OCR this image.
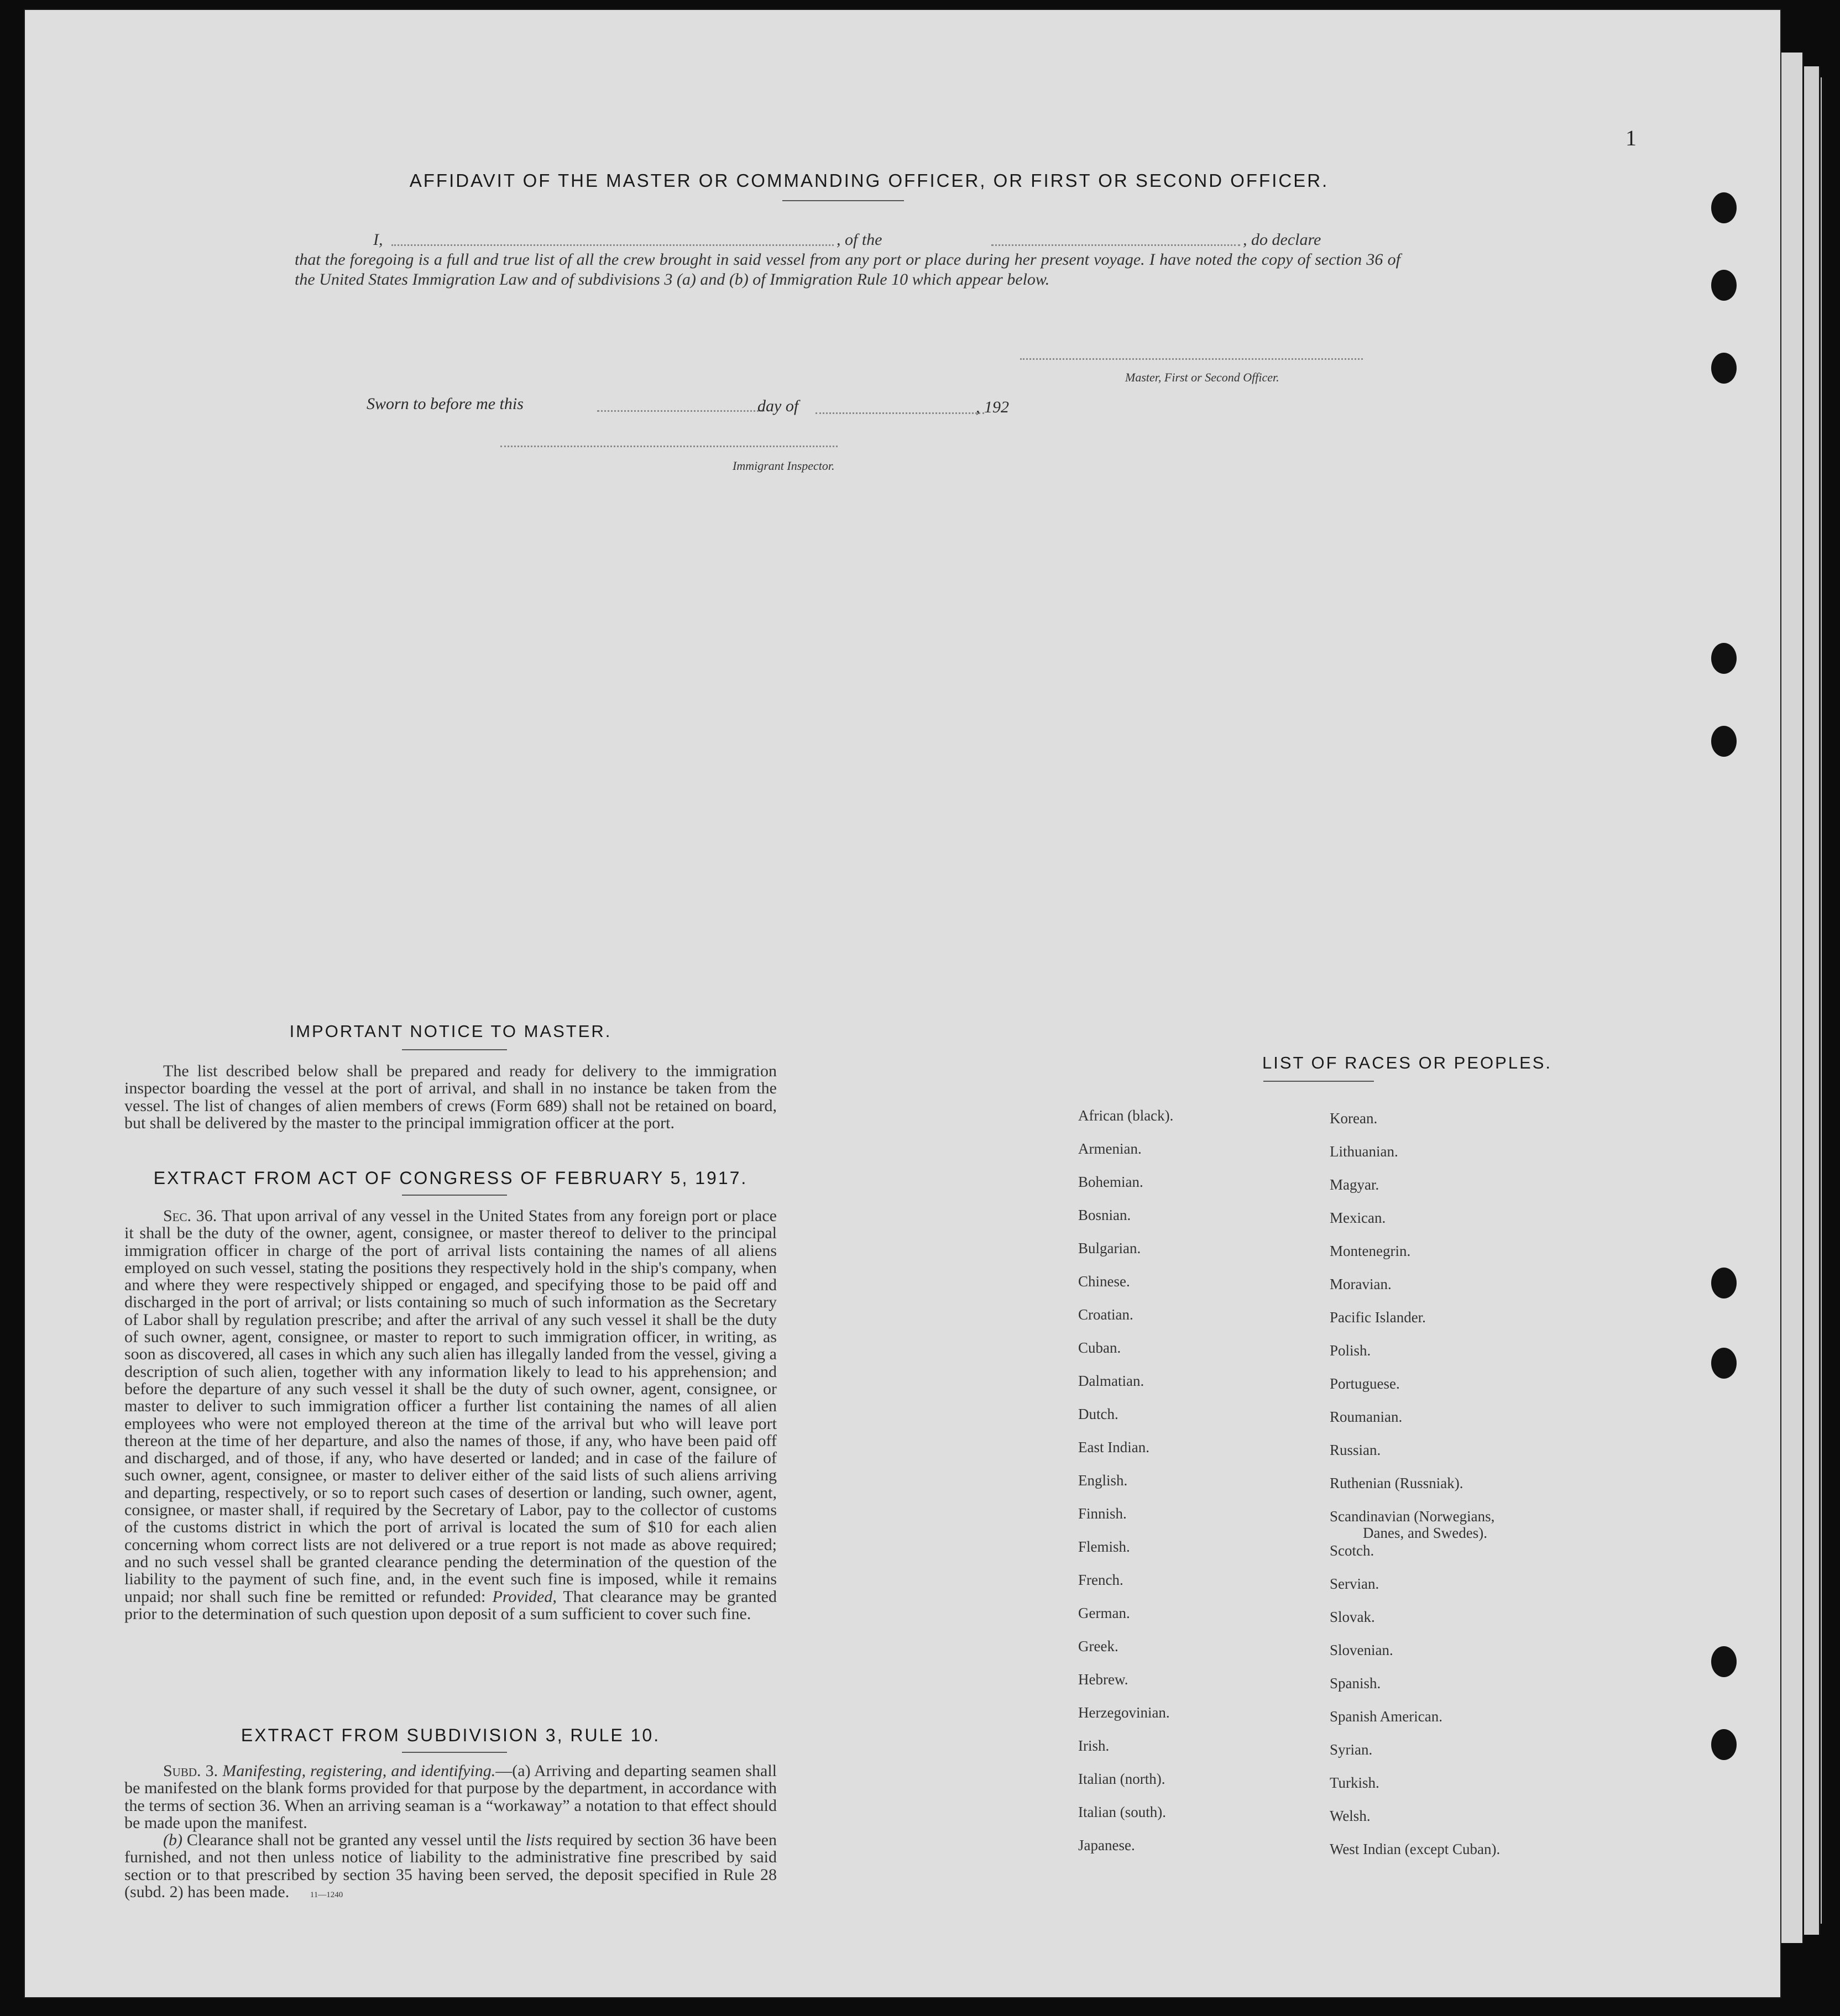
1
AFFIDAVIT OF THE MASTER OR COMMANDING OFFICER, OR FIRST OR SECOND OFFICER.
I,	, of the	, do declare
that the foregoing is a full and true list of all the crew brought in said vessel from any port or place during her present voyage. I have noted the copy of section 36 of the United States Immigration Law and of subdivisions 3 (a) and (b) of Immigration Rule 10 which appear below.
Master, First or Second Officer.
Sworn to before me this	day of	, 192
Immigrant Inspector.
IMPORTANT NOTICE TO MASTER.
The list described below shall be prepared and ready for delivery to the immigration inspector boarding the vessel at the port of arrival, and shall in no instance be taken from the vessel. The list of changes of alien members of crews (Form 689) shall not be retained on board, but shall be delivered by the master to the principal immigration officer at the port.
EXTRACT FROM ACT OF CONGRESS OF FEBRUARY 5, 1917.
Sec. 36. That upon arrival of any vessel in the United States from any foreign port or place it shall be the duty of the owner, agent, consignee, or master thereof to deliver to the principal immigration officer in charge of the port of arrival lists containing the names of all aliens employed on such vessel, stating the positions they respectively hold in the ship's company, when and where they were respectively shipped or engaged, and specifying those to be paid off and discharged in the port of arrival; or lists containing so much of such information as the Secretary of Labor shall by regulation prescribe; and after the arrival of any such vessel it shall be the duty of such owner, agent, consignee, or master to report to such immigration officer, in writing, as soon as discovered, all cases in which any such alien has illegally landed from the vessel, giving a description of such alien, together with any information likely to lead to his apprehension; and before the departure of any such vessel it shall be the duty of such owner, agent, consignee, or master to deliver to such immigration officer a further list containing the names of all alien employees who were not employed thereon at the time of the arrival but who will leave port thereon at the time of her departure, and also the names of those, if any, who have been paid off and discharged, and of those, if any, who have deserted or landed; and in case of the failure of such owner, agent, consignee, or master to deliver either of the said lists of such aliens arriving and departing, respectively, or so to report such cases of desertion or landing, such owner, agent, consignee, or master shall, if required by the Secretary of Labor, pay to the collector of customs of the customs district in which the port of arrival is located the sum of $10 for each alien concerning whom correct lists are not delivered or a true report is not made as above required; and no such vessel shall be granted clearance pending the determination of the question of the liability to the payment of such fine, and, in the event such fine is imposed, while it remains unpaid; nor shall such fine be remitted or refunded: Provided, That clearance may be granted prior to the determination of such question upon deposit of a sum sufficient to cover such fine.
EXTRACT FROM SUBDIVISION 3, RULE 10.
Subd. 3. Manifesting, registering, and identifying.—(a) Arriving and departing seamen shall be manifested on the blank forms provided for that purpose by the department, in accordance with the terms of section 36. When an arriving seaman is a “workaway” a notation to that effect should be made upon the manifest.
(b) Clearance shall not be granted any vessel until the lists required by section 36 have been furnished, and not then unless notice of liability to the administrative fine prescribed by said section or to that prescribed by section 35 having been served, the deposit specified in Rule 28 (subd. 2) has been made.	11—1240
LIST OF RACES OR PEOPLES.
African (black).
Armenian.
Bohemian.
Bosnian.
Bulgarian.
Chinese.
Croatian.
Cuban.
Dalmatian.
Dutch.
East Indian.
English.
Finnish.
Flemish.
French.
German.
Greek.
Hebrew.
Herzegovinian.
Irish.
Italian (north).
Italian (south).
Japanese.
Korean.
Lithuanian.
Magyar.
Mexican.
Montenegrin.
Moravian.
Pacific Islander.
Polish.
Portuguese.
Roumanian.
Russian.
Ruthenian (Russniak).
Scandinavian (Norwegians,
Danes, and Swedes).
Scotch.
Servian.
Slovak.
Slovenian.
Spanish.
Spanish American.
Syrian.
Turkish.
Welsh.
West Indian (except Cuban).
